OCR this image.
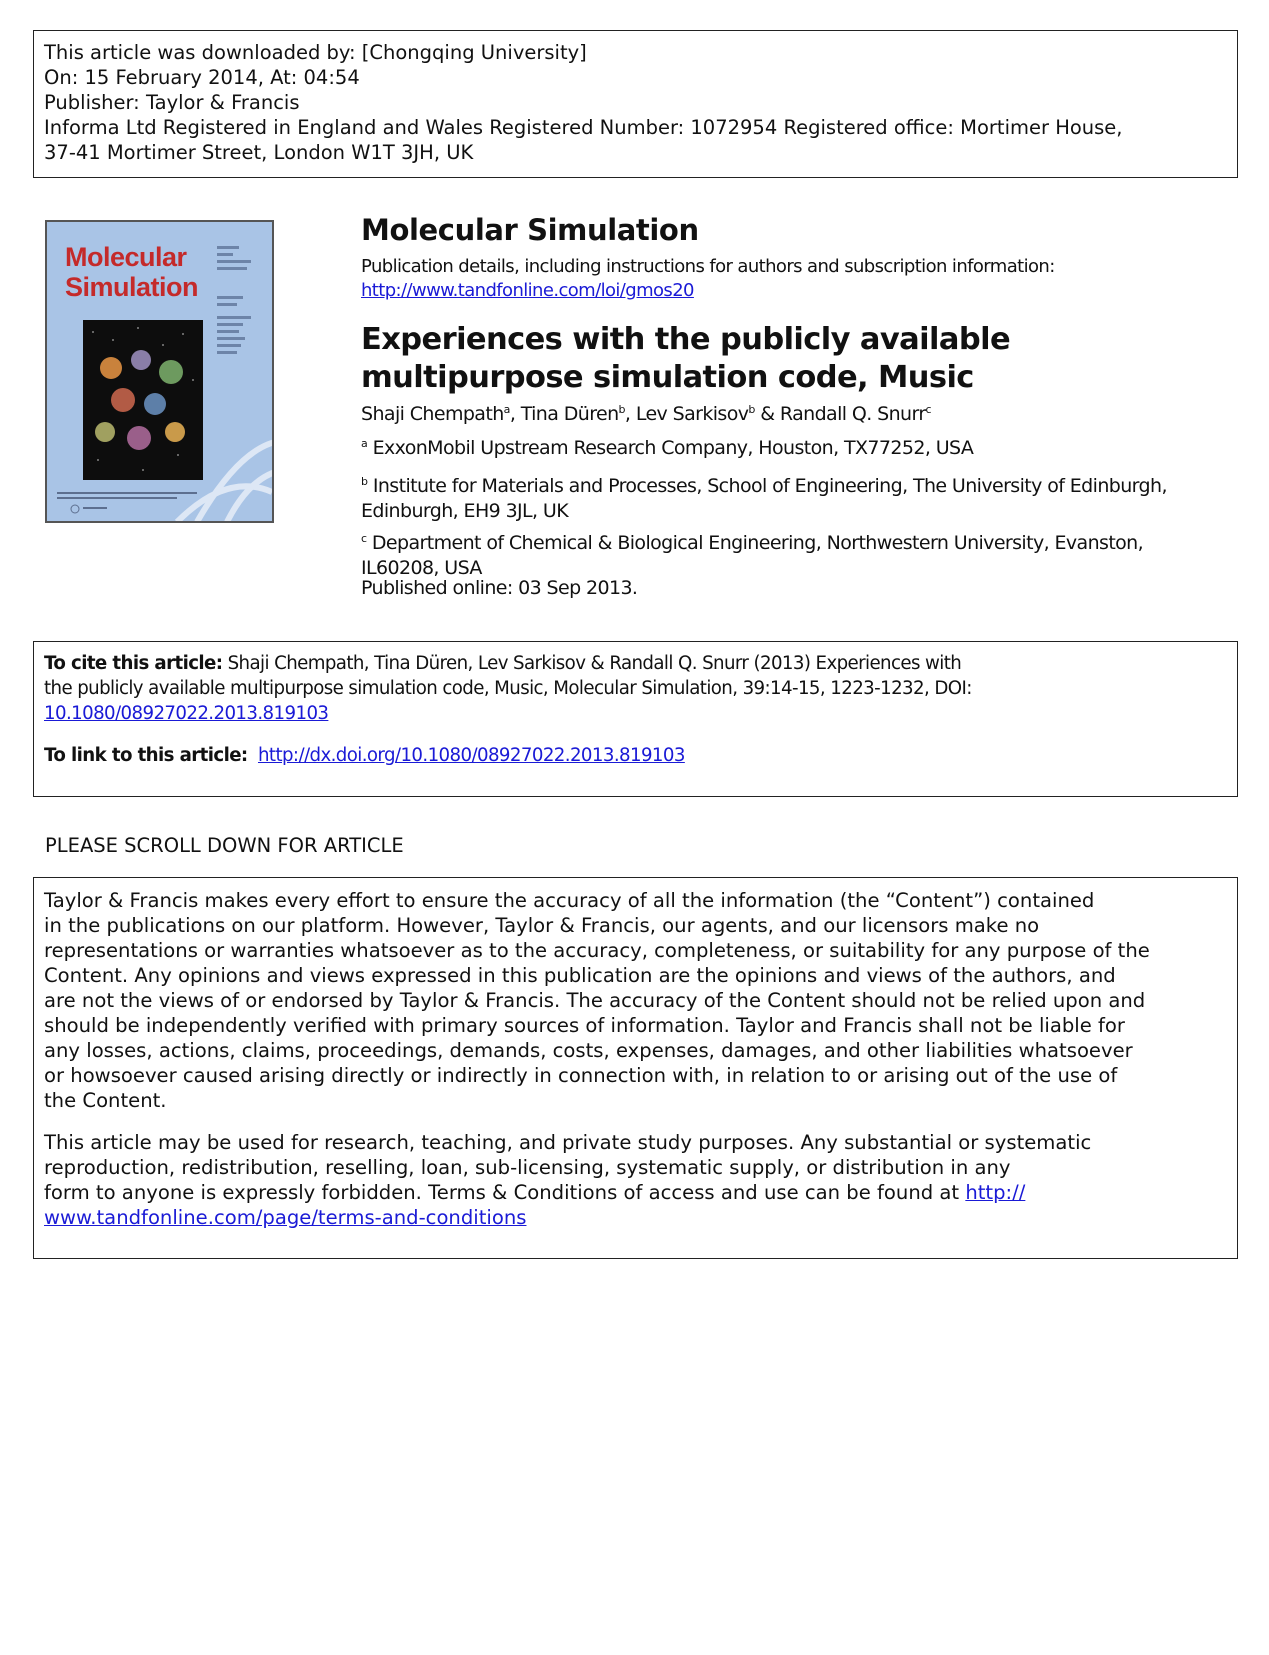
This article was downloaded by: [Chongqing University]
On: 15 February 2014, At: 04:54
Publisher: Taylor & Francis
Informa Ltd Registered in England and Wales Registered Number: 1072954 Registered office: Mortimer House,
37-41 Mortimer Street, London W1T 3JH, UK
Molecular
Simulation
Molecular Simulation
Publication details, including instructions for authors and subscription information:
http://www.tandfonline.com/loi/gmos20
Experiences with the publicly available multipurpose simulation code, Music
Shaji Chempath$^a$, Tina Düren$^b$, Lev Sarkisov$^b$ & Randall Q. Snurr$^c$
$^a$ ExxonMobil Upstream Research Company, Houston, TX77252, USA
$^b$ Institute for Materials and Processes, School of Engineering, The University of Edinburgh,
Edinburgh, EH9 3JL, UK
$^c$ Department of Chemical & Biological Engineering, Northwestern University, Evanston,
IL60208, USA
Published online: 03 Sep 2013.
To cite this article: Shaji Chempath, Tina Düren, Lev Sarkisov & Randall Q. Snurr (2013) Experiences with
the publicly available multipurpose simulation code, Music, Molecular Simulation, 39:14-15, 1223-1232, DOI:
10.1080/08927022.2013.819103
To link to this article: http://dx.doi.org/10.1080/08927022.2013.819103
PLEASE SCROLL DOWN FOR ARTICLE

Taylor & Francis makes every effort to ensure the accuracy of all the information (the “Content”) contained
in the publications on our platform. However, Taylor & Francis, our agents, and our licensors make no
representations or warranties whatsoever as to the accuracy, completeness, or suitability for any purpose of the
Content. Any opinions and views expressed in this publication are the opinions and views of the authors, and
are not the views of or endorsed by Taylor & Francis. The accuracy of the Content should not be relied upon and
should be independently verified with primary sources of information. Taylor and Francis shall not be liable for
any losses, actions, claims, proceedings, demands, costs, expenses, damages, and other liabilities whatsoever
or howsoever caused arising directly or indirectly in connection with, in relation to or arising out of the use of
the Content.

This article may be used for research, teaching, and private study purposes. Any substantial or systematic
reproduction, redistribution, reselling, loan, sub-licensing, systematic supply, or distribution in any
form to anyone is expressly forbidden. Terms & Conditions of access and use can be found at http://
www.tandfonline.com/page/terms-and-conditions
